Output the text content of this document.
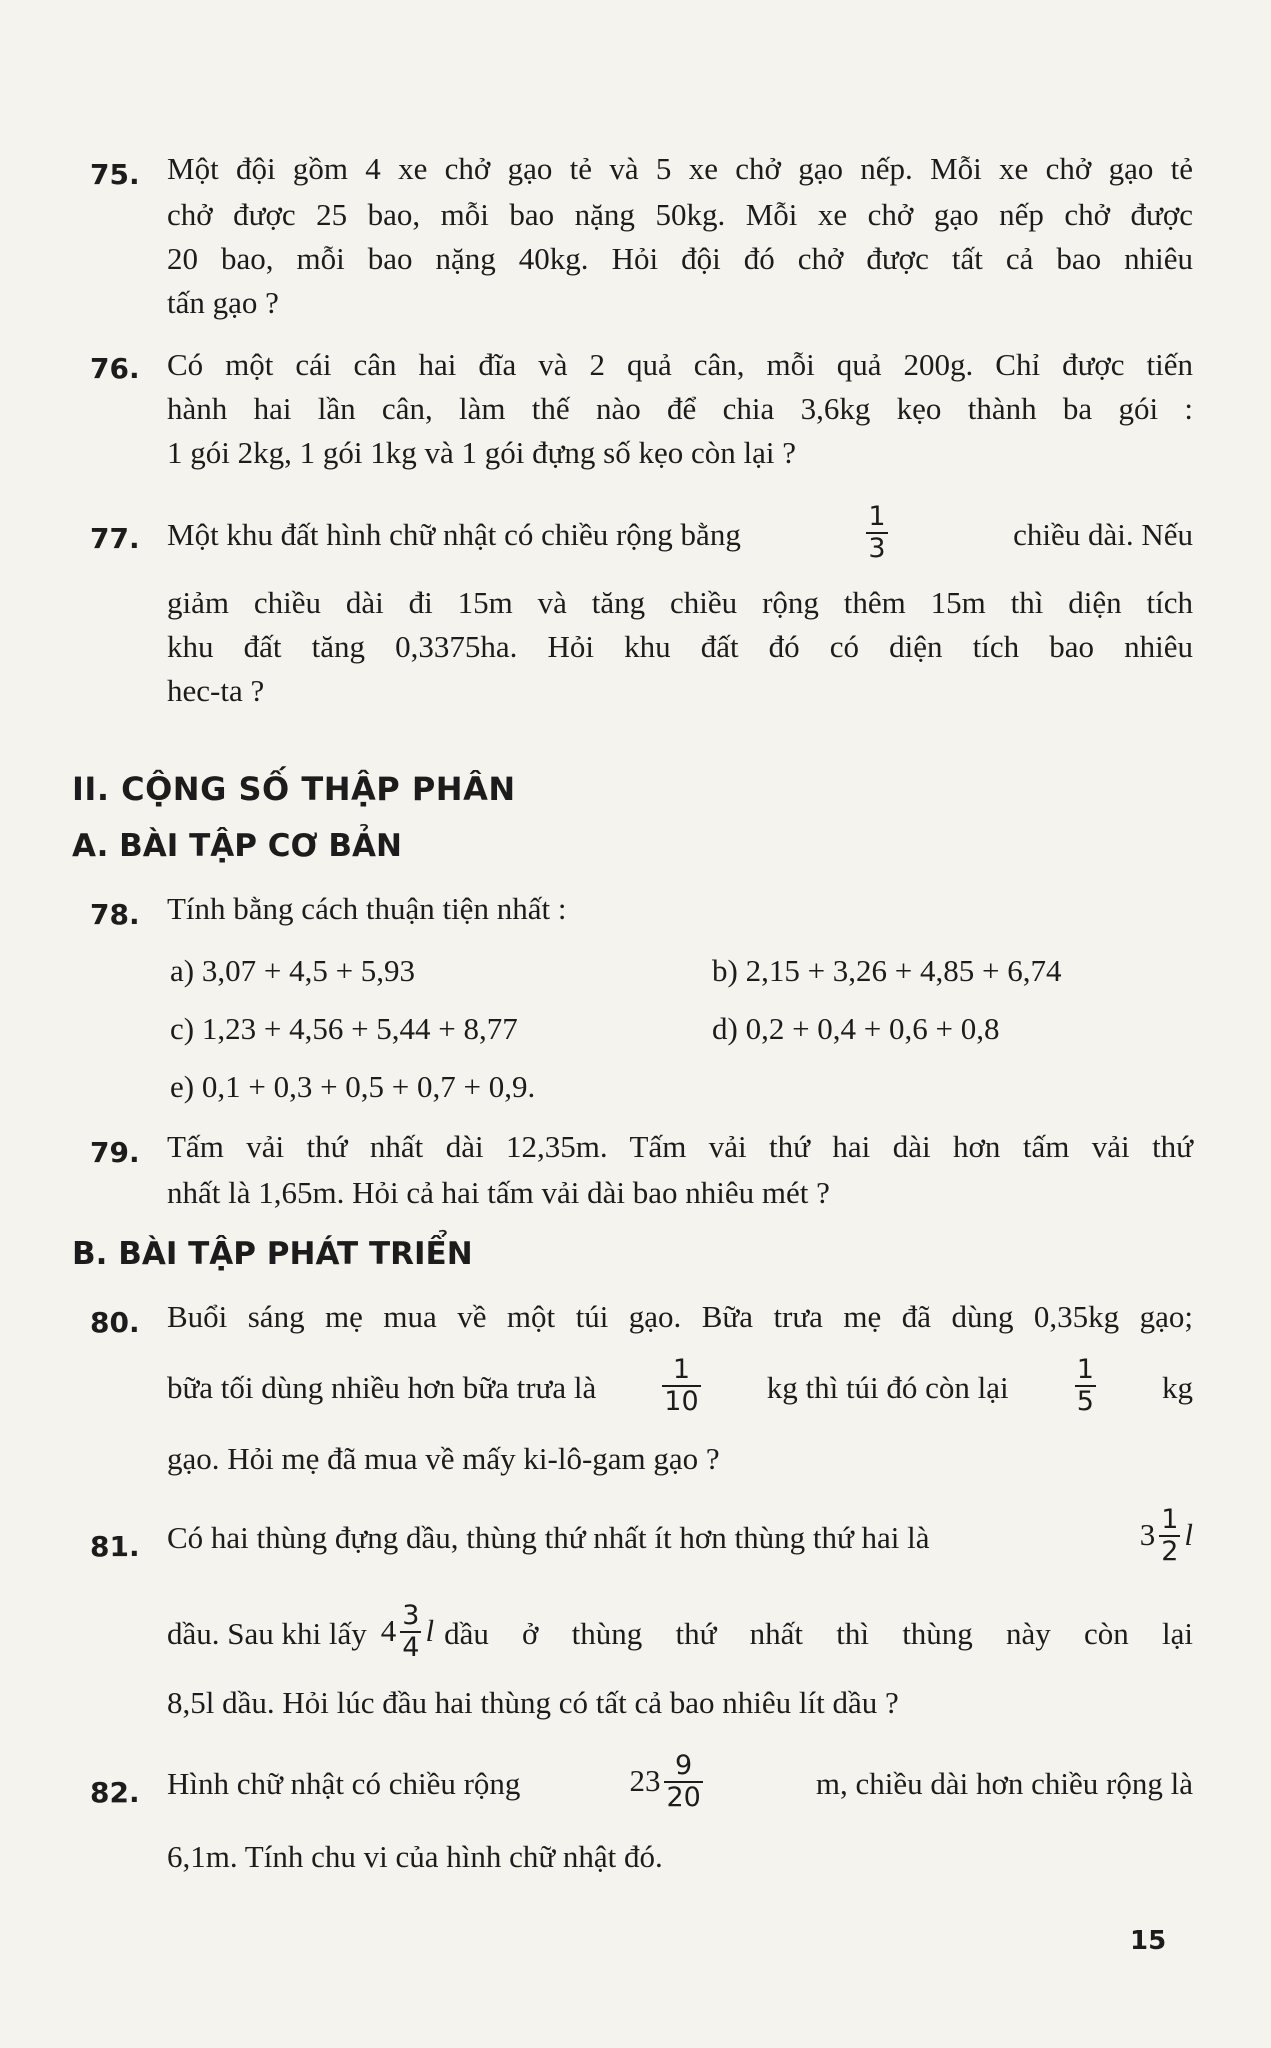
75. Một đội gồm 4 xe chở gạo tẻ và 5 xe chở gạo nếp. Mỗi xe chở gạo tẻ
chở được 25 bao, mỗi bao nặng 50kg. Mỗi xe chở gạo nếp chở được
20 bao, mỗi bao nặng 40kg. Hỏi đội đó chở được tất cả bao nhiêu
tấn gạo ?
76. Có một cái cân hai đĩa và 2 quả cân, mỗi quả 200g. Chỉ được tiến
hành hai lần cân, làm thế nào để chia 3,6kg kẹo thành ba gói :
1 gói 2kg, 1 gói 1kg và 1 gói đựng số kẹo còn lại ?
77. Một khu đất hình chữ nhật có chiều rộng bằng	$\frac{1}{3}$	chiều dài. Nếu
giảm chiều dài đi 15m và tăng chiều rộng thêm 15m thì diện tích
khu đất tăng 0,3375ha. Hỏi khu đất đó có diện tích bao nhiêu
hec-ta ?
II. CỘNG SỐ THẬP PHÂN
A. BÀI TẬP CƠ BẢN
78. Tính bằng cách thuận tiện nhất :
a) 3,07 + 4,5 + 5,93	b) 2,15 + 3,26 + 4,85 + 6,74
c) 1,23 + 4,56 + 5,44 + 8,77	d) 0,2 + 0,4 + 0,6 + 0,8
e) 0,1 + 0,3 + 0,5 + 0,7 + 0,9.
79. Tấm vải thứ nhất dài 12,35m. Tấm vải thứ hai dài hơn tấm vải thứ
nhất là 1,65m. Hỏi cả hai tấm vải dài bao nhiêu mét ?
B. BÀI TẬP PHÁT TRIỂN
80. Buổi sáng mẹ mua về một túi gạo. Bữa trưa mẹ đã dùng 0,35kg gạo;
bữa tối dùng nhiều hơn bữa trưa là $\frac{1}{10}$ kg thì túi đó còn lại $\frac{1}{5}$ kg
gạo. Hỏi mẹ đã mua về mấy ki-lô-gam gạo ?
81. Có hai thùng đựng dầu, thùng thứ nhất ít hơn thùng thứ hai là	$3 \frac{1}{2}$ l
dầu. Sau khi lấy $4 \frac{3}{4}$ l dầu ở thùng thứ nhất thì thùng này còn lại
8,5l dầu. Hỏi lúc đầu hai thùng có tất cả bao nhiêu lít dầu ?
82. Hình chữ nhật có chiều rộng	$23 \frac{9}{20}$	m, chiều dài hơn chiều rộng là
6,1m. Tính chu vi của hình chữ nhật đó.
15
